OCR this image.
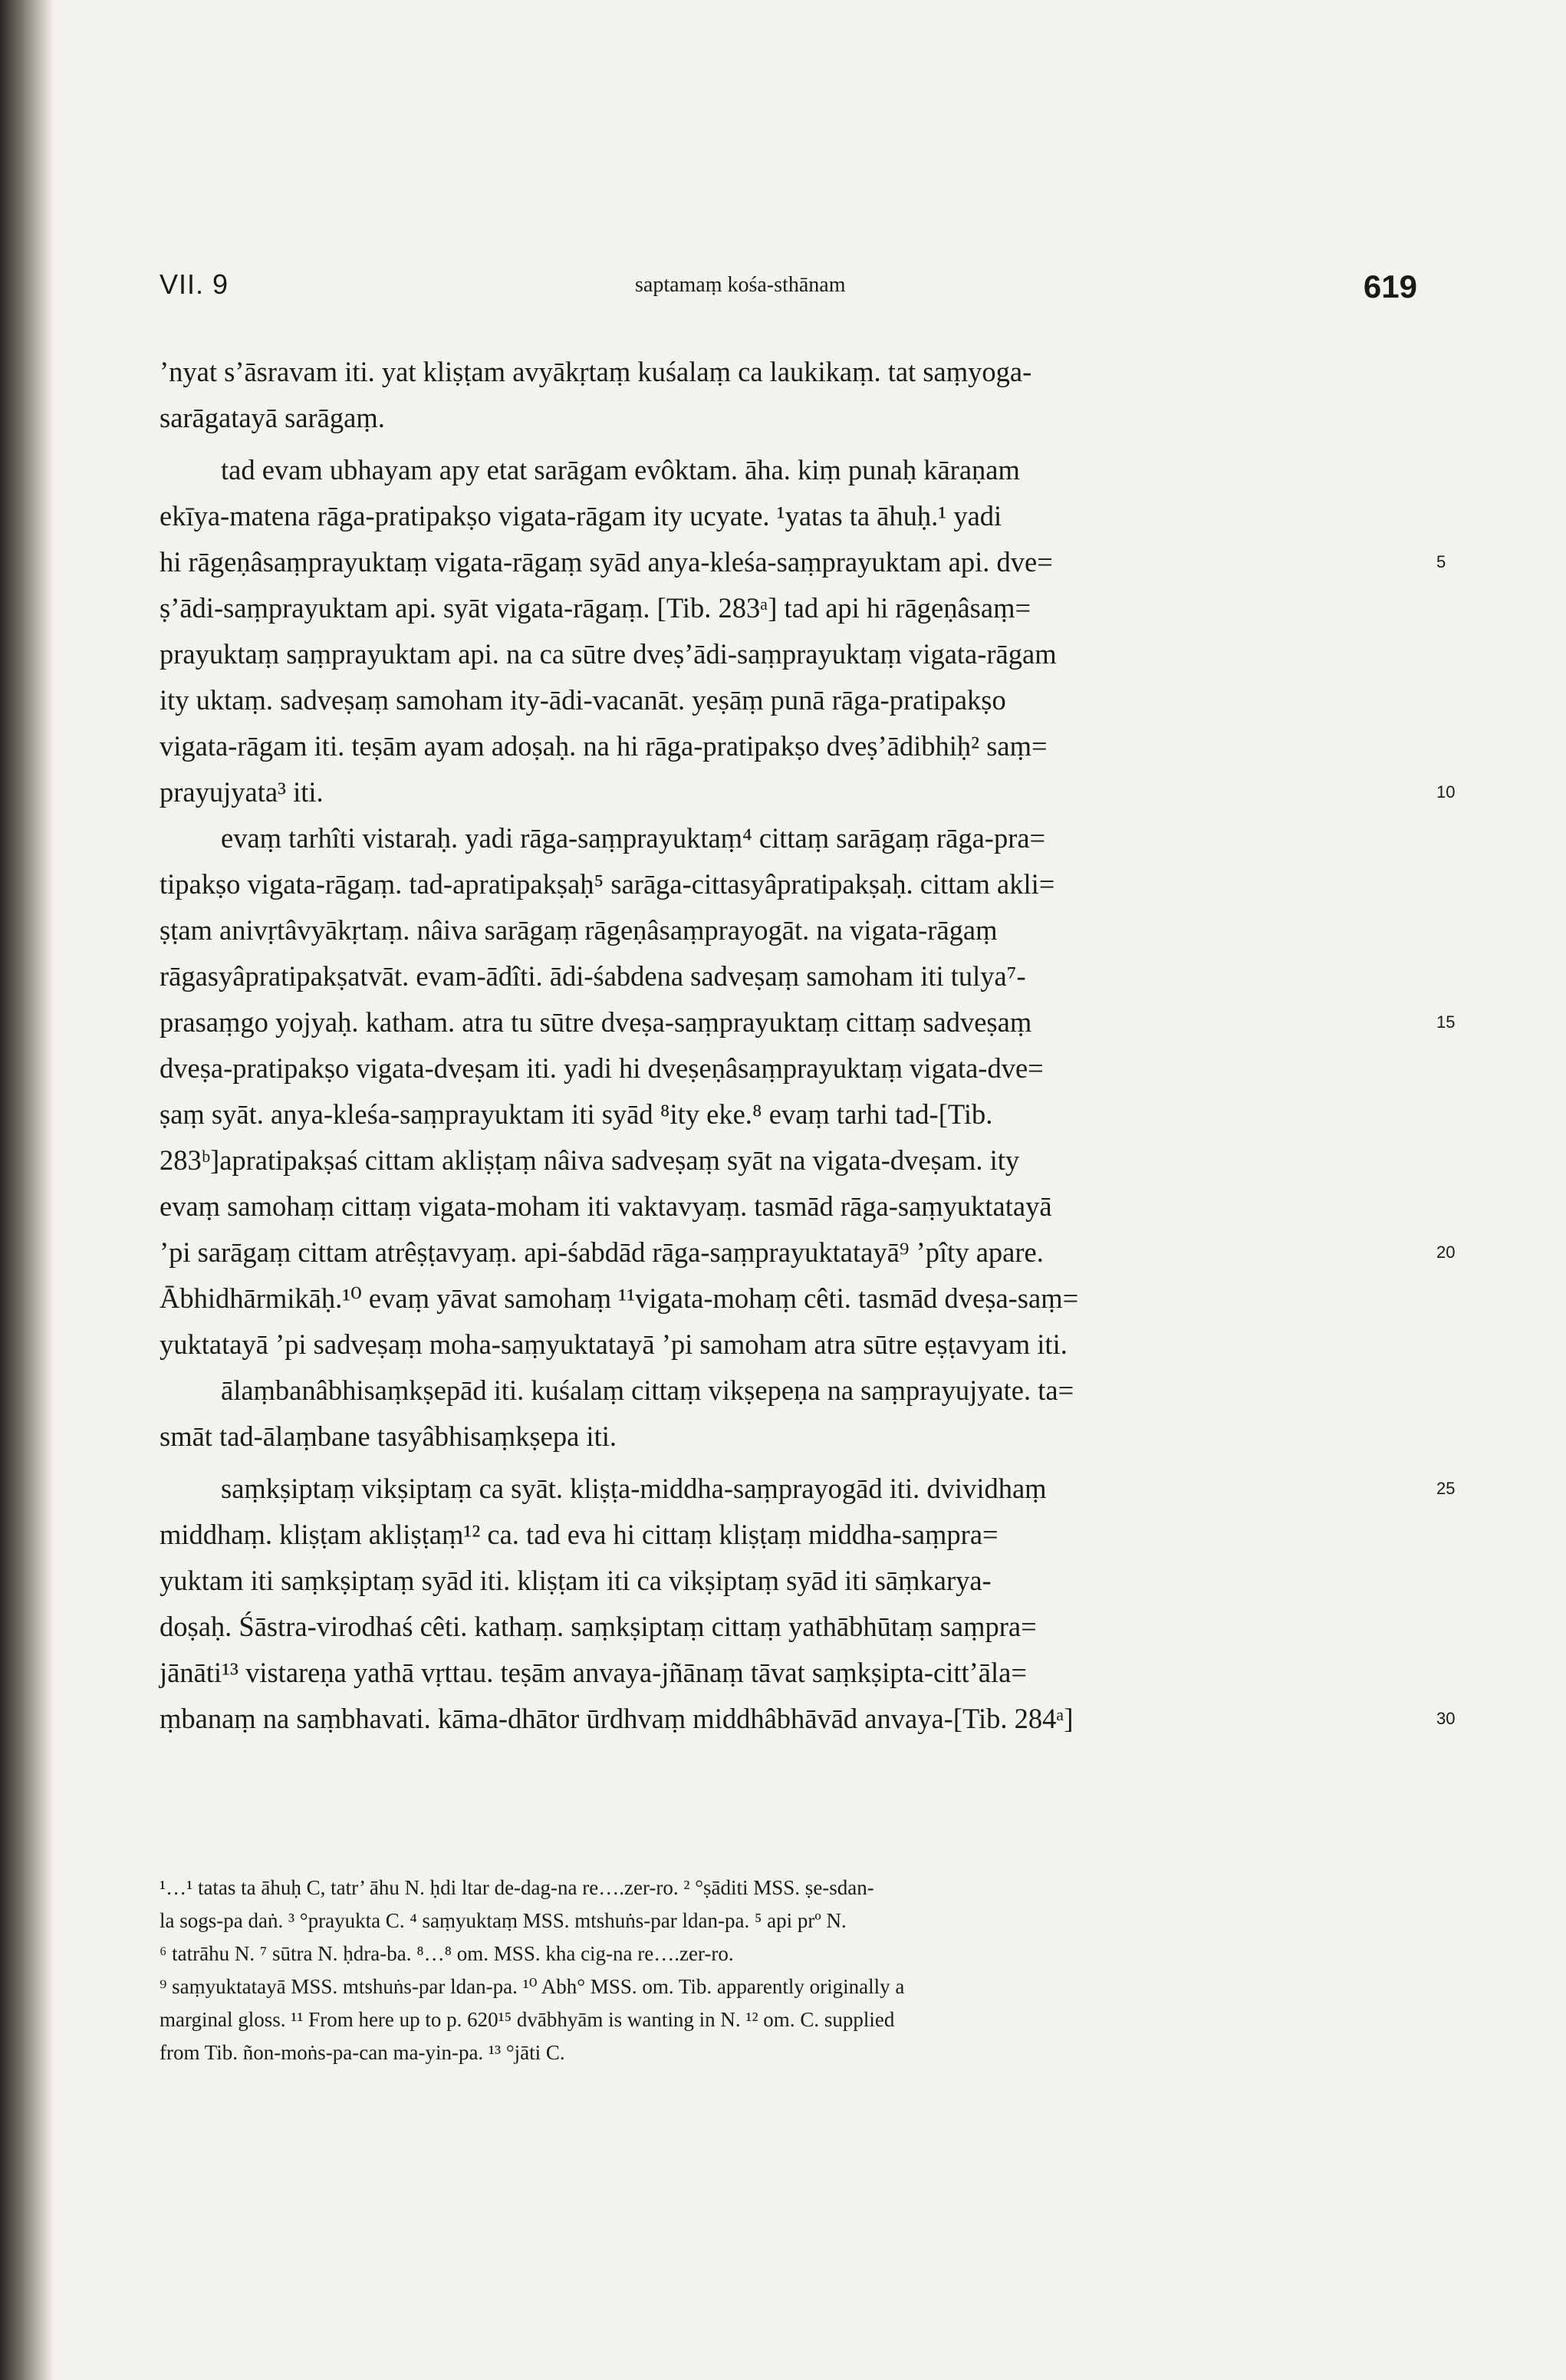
VII. 9	saptamaṃ kośa-sthānam	619
’nyat s’āsravam iti. yat kliṣṭam avyākṛtaṃ kuśalaṃ ca laukikaṃ. tat saṃyoga-
sarāgatayā sarāgaṃ.
tad evam ubhayam apy etat sarāgam evôktam. āha. kiṃ punaḥ kāraṇam
ekīya-matena rāga-pratipakṣo vigata-rāgam ity ucyate. ¹yatas ta āhuḥ.¹ yadi
hi rāgeṇâsaṃprayuktaṃ vigata-rāgaṃ syād anya-kleśa-saṃprayuktam api. dve=	5
ṣ’ādi-saṃprayuktam api. syāt vigata-rāgaṃ. [Tib. 283ᵃ] tad api hi rāgeṇâsaṃ=
prayuktaṃ saṃprayuktam api. na ca sūtre dveṣ’ādi-saṃprayuktaṃ vigata-rāgam
ity uktaṃ. sadveṣaṃ samoham ity-ādi-vacanāt. yeṣāṃ punā rāga-pratipakṣo
vigata-rāgam iti. teṣām ayam adoṣaḥ. na hi rāga-pratipakṣo dveṣ’ādibhiḥ² saṃ=
prayujyata³ iti.	10
evaṃ tarhîti vistaraḥ. yadi rāga-saṃprayuktaṃ⁴ cittaṃ sarāgaṃ rāga-pra=
tipakṣo vigata-rāgaṃ. tad-apratipakṣaḥ⁵ sarāga-cittasyâpratipakṣaḥ. cittam akli=
ṣṭam anivṛtâvyākṛtaṃ. nâiva sarāgaṃ rāgeṇâsaṃprayogāt. na vigata-rāgaṃ
rāgasyâpratipakṣatvāt. evam-ādîti. ādi-śabdena sadveṣaṃ samoham iti tulya⁷-
prasaṃgo yojyaḥ. katham. atra tu sūtre dveṣa-saṃprayuktaṃ cittaṃ sadveṣaṃ	15
dveṣa-pratipakṣo vigata-dveṣam iti. yadi hi dveṣeṇâsaṃprayuktaṃ vigata-dve=
ṣaṃ syāt. anya-kleśa-saṃprayuktam iti syād ⁸ity eke.⁸ evaṃ tarhi tad-[Tib.
283ᵇ]apratipakṣaś cittam akliṣṭaṃ nâiva sadveṣaṃ syāt na vigata-dveṣam. ity
evaṃ samohaṃ cittaṃ vigata-moham iti vaktavyaṃ. tasmād rāga-saṃyuktatayā
’pi sarāgaṃ cittam atrêṣṭavyaṃ. api-śabdād rāga-saṃprayuktatayā⁹ ’pîty apare.	20
Ābhidhārmikāḥ.¹⁰ evaṃ yāvat samohaṃ ¹¹vigata-mohaṃ cêti. tasmād dveṣa-saṃ=
yuktatayā ’pi sadveṣaṃ moha-saṃyuktatayā ’pi samoham atra sūtre eṣṭavyam iti.
ālaṃbanâbhisaṃkṣepād iti. kuśalaṃ cittaṃ vikṣepeṇa na saṃprayujyate. ta=
smāt tad-ālaṃbane tasyâbhisaṃkṣepa iti.
saṃkṣiptaṃ vikṣiptaṃ ca syāt. kliṣṭa-middha-saṃprayogād iti. dvividhaṃ	25
middhaṃ. kliṣṭam akliṣṭaṃ¹² ca. tad eva hi cittaṃ kliṣṭaṃ middha-saṃpra=
yuktam iti saṃkṣiptaṃ syād iti. kliṣṭam iti ca vikṣiptaṃ syād iti sāṃkarya-
doṣaḥ. Śāstra-virodhaś cêti. kathaṃ. saṃkṣiptaṃ cittaṃ yathābhūtaṃ saṃpra=
jānāti¹³ vistareṇa yathā vṛttau. teṣām anvaya-jñānaṃ tāvat saṃkṣipta-citt’āla=
ṃbanaṃ na saṃbhavati. kāma-dhātor ūrdhvaṃ middhâbhāvād anvaya-[Tib. 284ᵃ]	30
¹…¹ tatas ta āhuḥ C, tatr’ āhu N. ḥdi ltar de-dag-na re….zer-ro. ² °ṣāditi MSS. ṣe-sdan-
la sogs-pa daṅ. ³ °prayukta C. ⁴ saṃyuktaṃ MSS. mtshuṅs-par ldan-pa. ⁵ api prº N.
⁶ tatrāhu N. ⁷ sūtra N. ḥdra-ba. ⁸…⁸ om. MSS. kha cig-na re….zer-ro.
⁹ saṃyuktatayā MSS. mtshuṅs-par ldan-pa. ¹⁰ Abh° MSS. om. Tib. apparently originally a
marginal gloss. ¹¹ From here up to p. 620¹⁵ dvābhyām is wanting in N. ¹² om. C. supplied
from Tib. ñon-moṅs-pa-can ma-yin-pa. ¹³ °jāti C.
